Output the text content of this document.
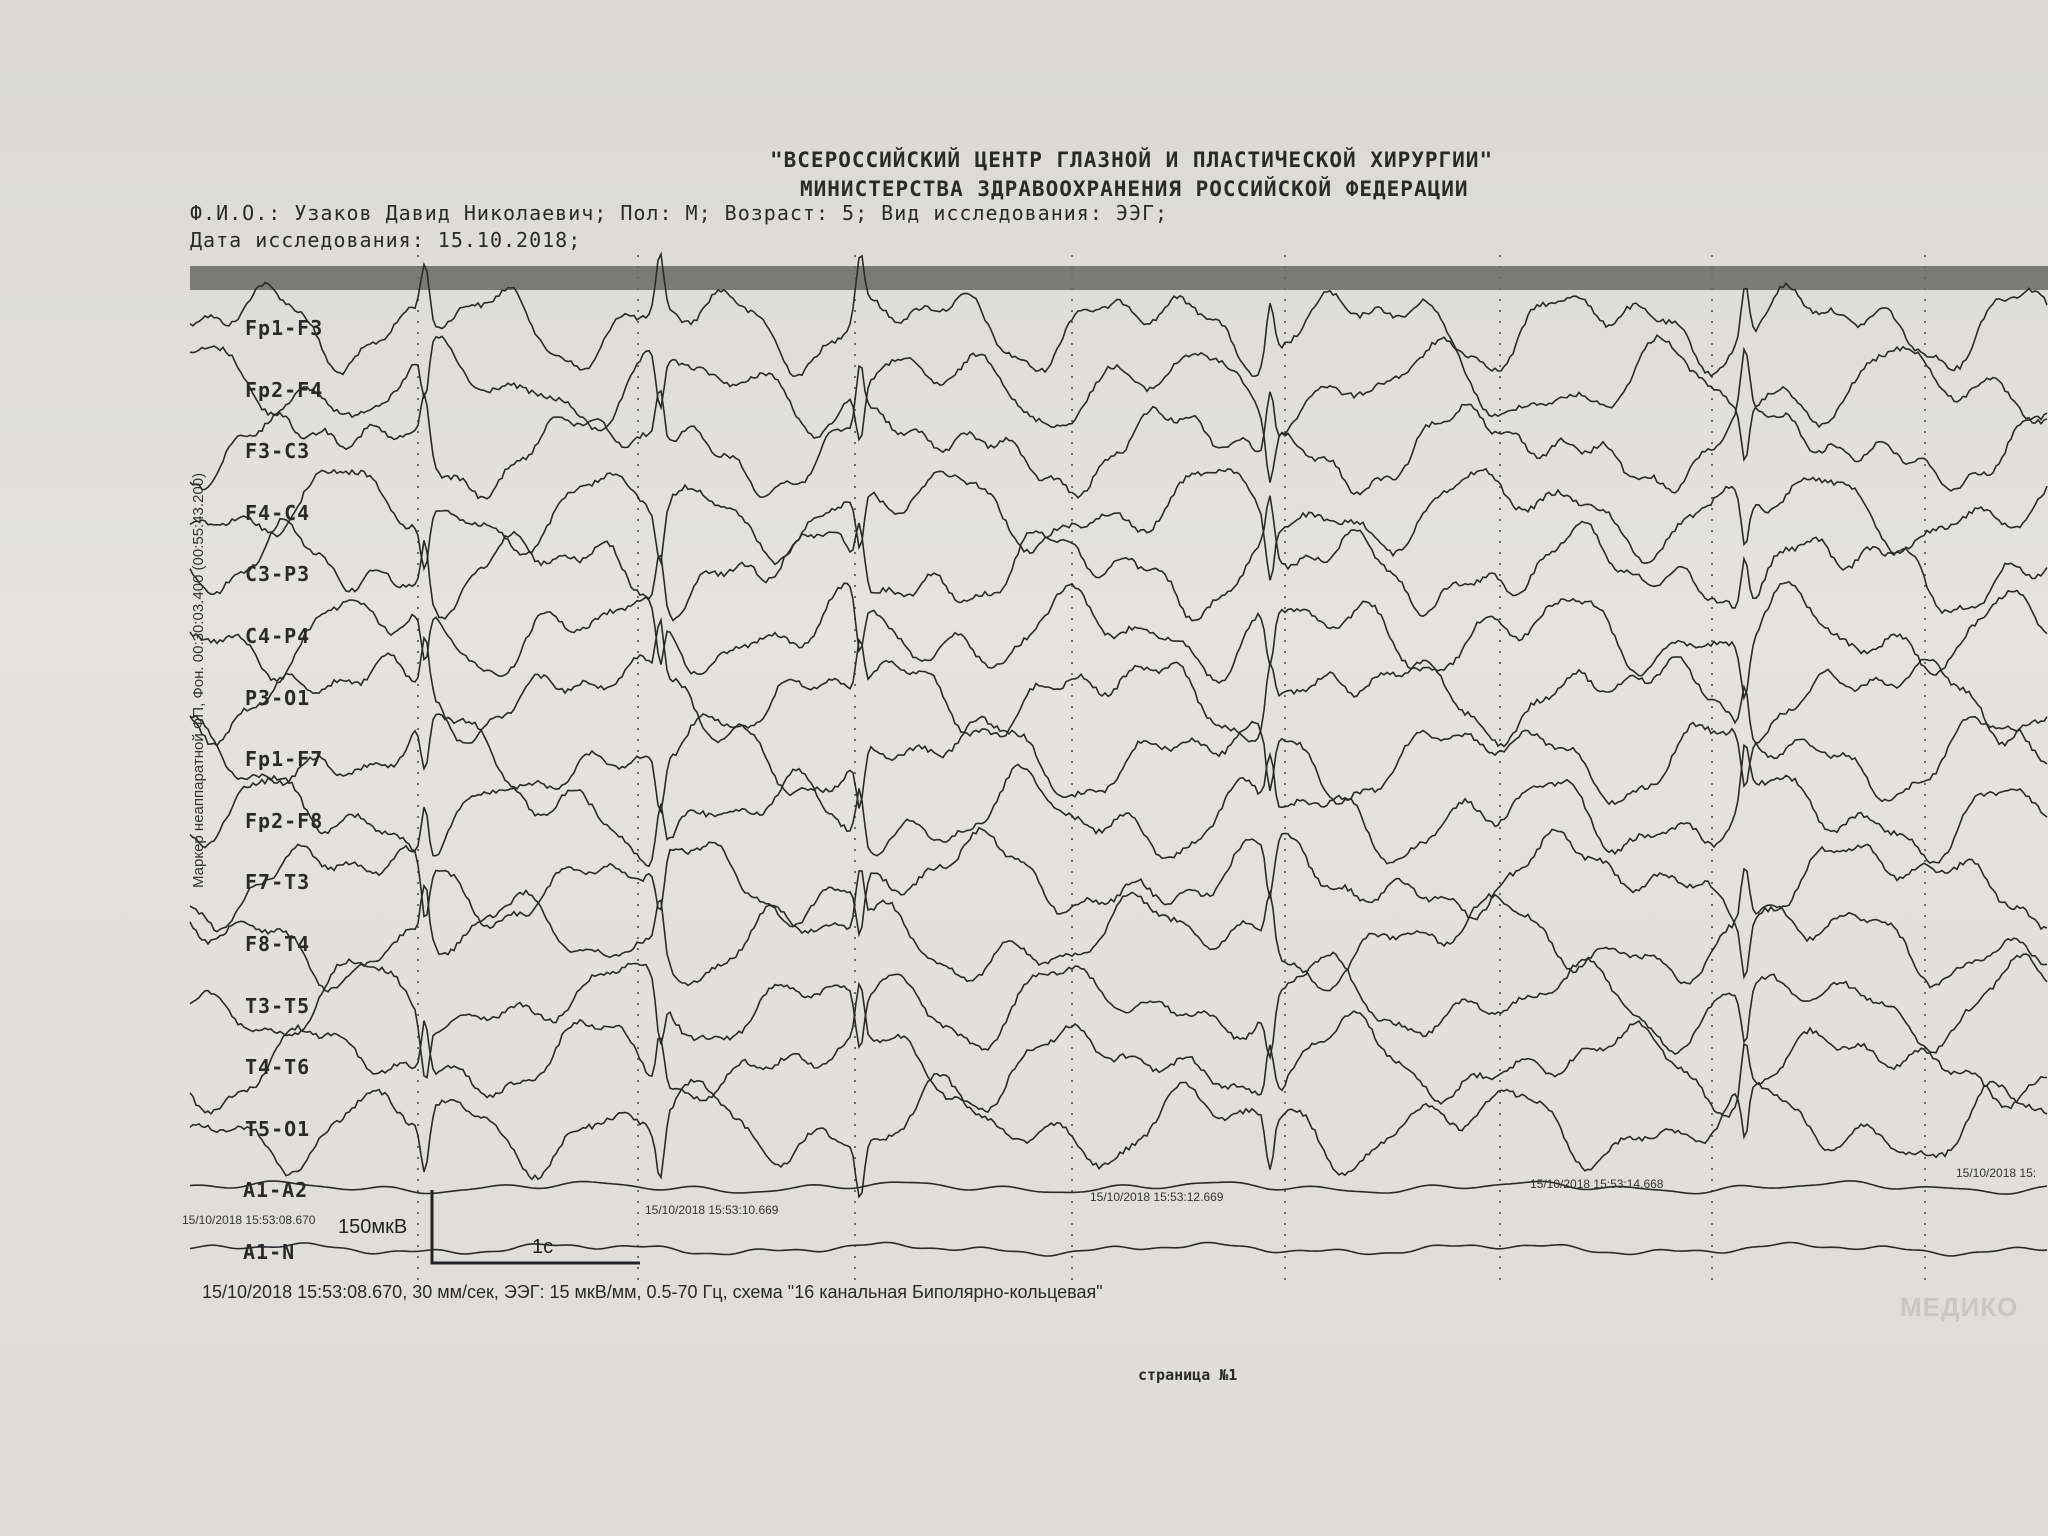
"ВСЕРОССИЙСКИЙ ЦЕНТР ГЛАЗНОЙ И ПЛАСТИЧЕСКОЙ ХИРУРГИИ"
МИНИСТЕРСТВА ЗДРАВООХРАНЕНИЯ РОССИЙСКОЙ ФЕДЕРАЦИИ
Ф.И.О.: Узаков Давид Николаевич; Пол: М; Возраст: 5; Вид исследования: ЭЭГ;
Дата исследования: 15.10.2018;
Маркер неаппаратной ФП, Фон. 00:30:03.400 (00:55:43.200)
Fp1-F3
Fp2-F4
F3-C3
F4-C4
C3-P3
C4-P4
P3-O1
Fp1-F7
Fp2-F8
F7-T3
F8-T4
T3-T5
T4-T6
T5-O1
A1-A2
A1-N
15/10/2018 15:53:08.670
15/10/2018 15:53:10.669
15/10/2018 15:53:12.669
15/10/2018 15:53:14.668
15/10/2018 15:
150мкВ
1с
15/10/2018 15:53:08.670, 30 мм/сек, ЭЭГ: 15 мкВ/мм, 0.5-70 Гц, схема "16 канальная Биполярно-кольцевая"	МЕДИКО
страница №1
